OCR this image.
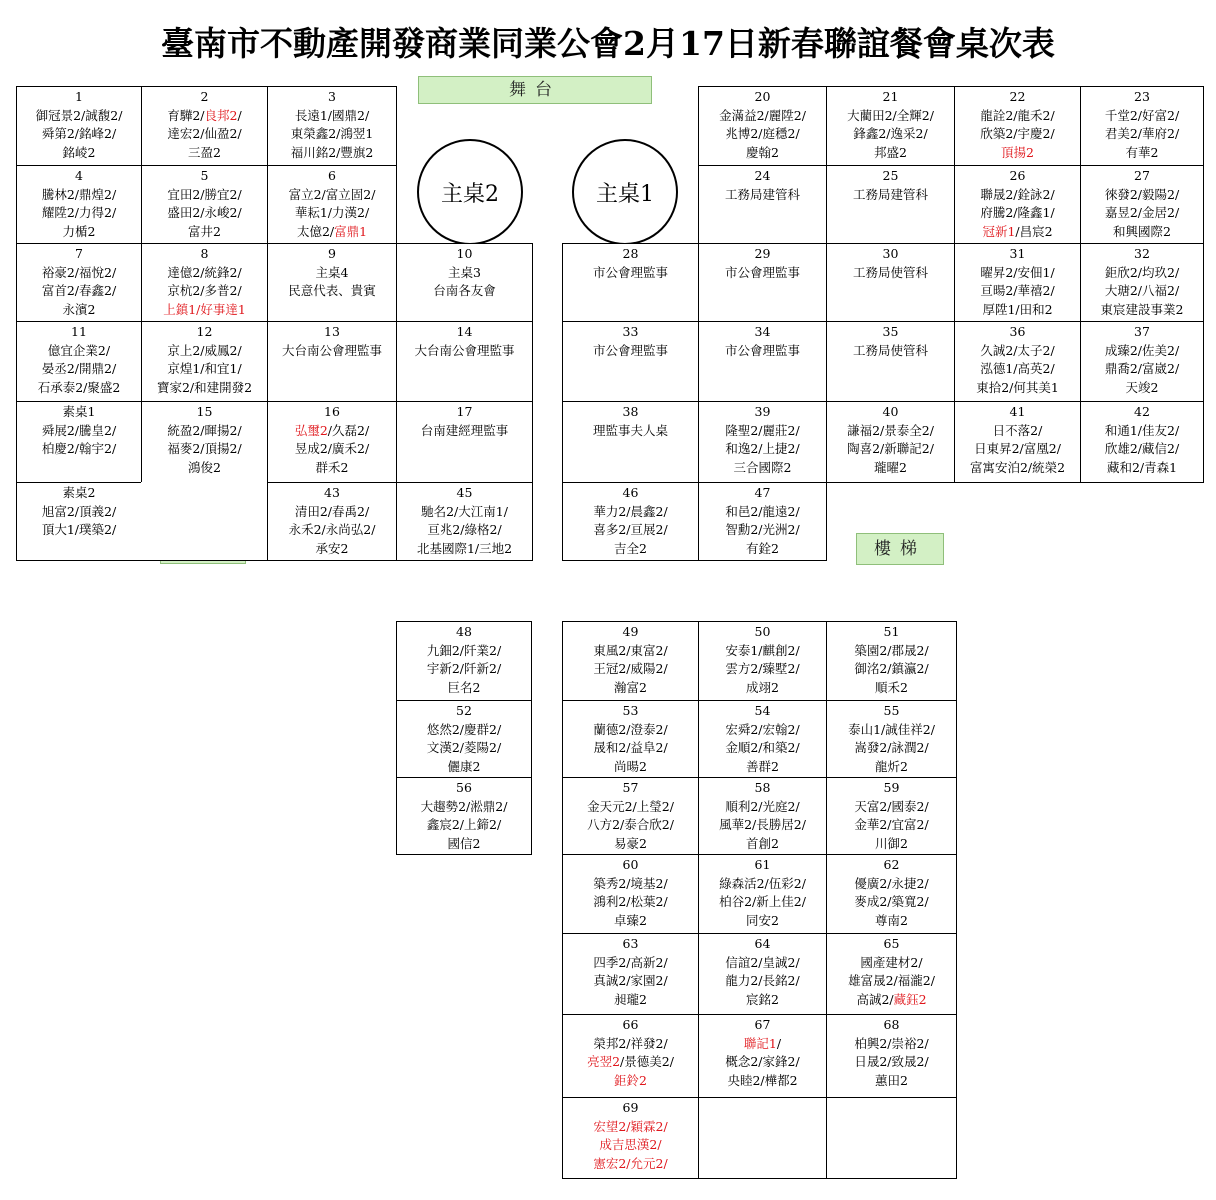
臺南市不動產開發商業同業公會2月17日新春聯誼餐會桌次表
舞台
樓梯
主桌2	主桌1
1
御冠景2/誠馥2/
舜第2/銘峰2/
銘崚2
2
育驊2/良邦2/
達宏2/仙盈2/
三盈2
3
長遠1/國鼎2/
東榮鑫2/鴻翌1
福川銘2/豐旗2
4
騰林2/鼎煌2/
耀陞2/力得2/
力楯2
5
宜田2/勝宜2/
盛田2/永峻2/
富井2
6
富立2/富立固2/
華耘1/力漢2/
太億2/富鼎1
7
裕豪2/福悅2/
富首2/春鑫2/
永濱2
8
達億2/統鋒2/
京杭2/多普2/
上鎮1/好事達1
9
主桌4
民意代表、貴賓
10
主桌3
台南各友會
11
億宜企業2/
晏丞2/開鼎2/
石承泰2/聚盛2
12
京上2/威鳳2/
京煌1/和宜1/
寶家2/和建開發2
13
大台南公會理監事
14
大台南公會理監事
素桌1
舜展2/騰皇2/
柏慶2/翰宇2/
15
統盈2/暉揚2/
福麥2/頂揚2/
鴻俊2
16
弘璽2/久磊2/
昱成2/廣禾2/
群禾2
17
台南建經理監事
素桌2
旭富2/頂義2/
頂大1/璞築2/
43
清田2/春禹2/
永禾2/永尚弘2/
承安2
45
馳名2/大江南1/
亘兆2/綠格2/
北基國際1/三地2
20
金滿益2/麗陞2/
兆博2/庭穩2/
慶翰2
21
大藺田2/全輝2/
鋒鑫2/逸采2/
邦盛2
22
龍詮2/龍禾2/
欣築2/宇慶2/
頂揚2
23
千堂2/好富2/
君美2/華府2/
有華2
24
工務局建管科
25
工務局建管科
26
聯晟2/銓詠2/
府騰2/隆鑫1/
冠新1/昌宸2
27
徠發2/毅陽2/
嘉昱2/金居2/
和興國際2
28
市公會理監事
29
市公會理監事
30
工務局使管科
31
曜昇2/安佃1/
亘暘2/華禧2/
厚陞1/田和2
32
鉅欣2/均玖2/
大瑭2/八福2/
東宸建設事業2
33
市公會理監事
34
市公會理監事
35
工務局使管科
36
久誠2/太子2/
泓德1/高英2/
東拾2/何其美1
37
成臻2/佐美2/
鼎喬2/富崴2/
天竣2
38
理監事夫人桌
39
隆聖2/麗莊2/
和逸2/上捷2/
三合國際2
40
謙福2/景泰全2/
陶喜2/新聯記2/
瓏曜2
41
日不落2/
日東昇2/富凰2/
富寓安泊2/統榮2
42
和通1/佳友2/
欣雄2/藏信2/
藏和2/青森1
46
華力2/晨鑫2/
喜多2/亘展2/
吉全2
47
和邑2/龍遠2/
智勳2/光洲2/
有銓2
48
九鈿2/阡業2/
宇新2/阡新2/
巨名2
52
悠然2/慶群2/
文漢2/菱陽2/
儷康2
56
大趨勢2/淞鼎2/
鑫宸2/上鍗2/
國信2
49
東風2/東富2/
王冠2/威陽2/
瀚富2
50
安泰1/麒創2/
雲方2/臻墅2/
成翊2
51
築園2/郡晟2/
御洺2/鎮瀛2/
順禾2
53
蘭德2/澄泰2/
晟和2/益阜2/
尚暘2
54
宏舜2/宏翰2/
金順2/和築2/
善群2
55
泰山1/誠佳祥2/
嵩發2/詠潤2/
龍炘2
57
金天元2/上瑩2/
八方2/泰合欣2/
易豪2
58
順利2/光庭2/
風華2/長勝居2/
首創2
59
天富2/國泰2/
金華2/宜富2/
川御2
60
築秀2/境基2/
鴻利2/松葉2/
卓臻2
61
綠森活2/伍彩2/
柏谷2/新上佳2/
同安2
62
優廣2/永捷2/
麥成2/築寬2/
尊南2
63
四季2/高新2/
真誠2/家園2/
昶瓏2
64
信誼2/皇誠2/
龍力2/長銘2/
宸銘2
65
國產建材2/
雄富晟2/福瀧2/
高誠2/藏鈺2
66
榮邦2/祥發2/
亮翌2/景德美2/
鉅鈴2
67
聯記1/
概念2/家鋒2/
央睦2/樺都2
68
柏興2/崇裕2/
日晟2/致晟2/
蕙田2
69
宏望2/穎霖2/
成吉思漢2/
憲宏2/允元2/
